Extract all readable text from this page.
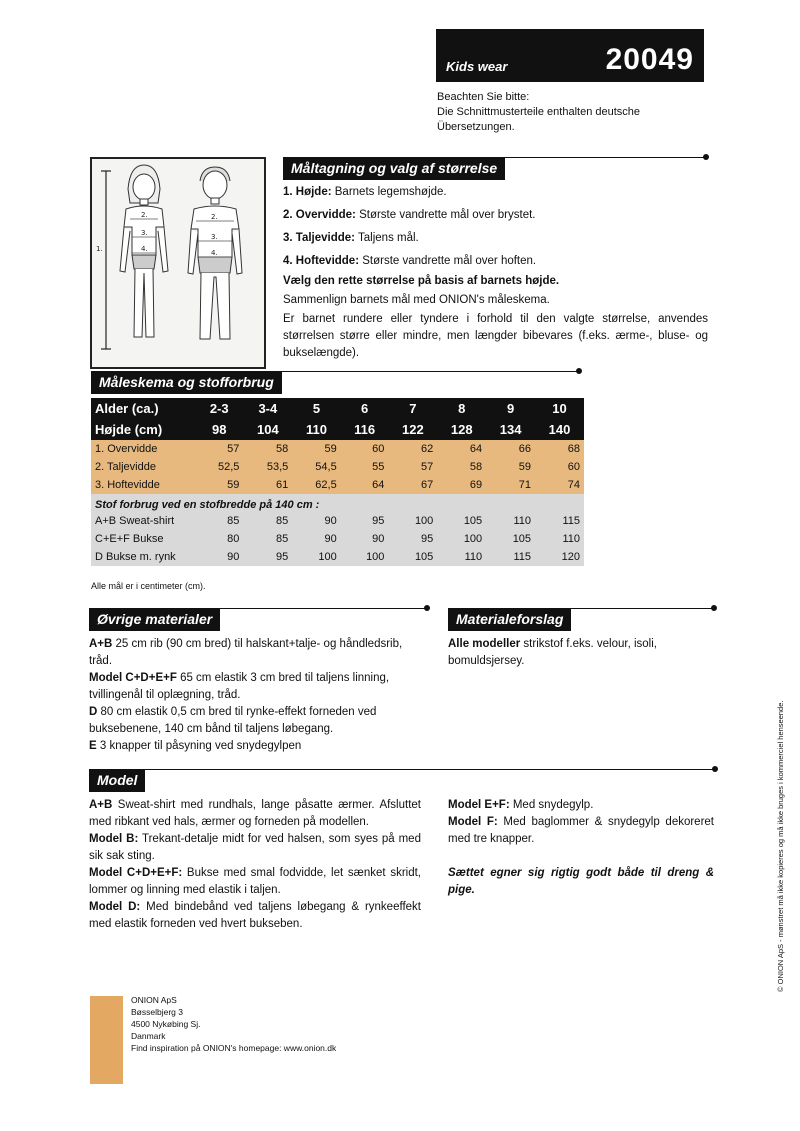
Kids wear	20049
Beachten Sie bitte:
Die Schnittmusterteile enthalten deutsche
Übersetzungen.
1.
2.
3.
4.
2.
3.
4.
Måltagning og valg af størrelse
1. Højde: Barnets legemshøjde.
2. Overvidde: Største vandrette mål over brystet.
3. Taljevidde: Taljens mål.
4. Hoftevidde: Største vandrette mål over hoften.
Vælg den rette størrelse på basis af barnets højde.
Sammenlign barnets mål med ONION's måleskema.
Er barnet rundere eller tyndere i forhold til den valgte størrelse, anvendes størrelsen større eller mindre, men længder bibevares (f.eks. ærme-, bluse- og bukselængde).
Måleskema og stofforbrug
Alder (ca.)	2-3	3-4	5	6	7	8	9	10
Højde (cm)	98	104	110	116	122	128	134	140
1. Overvidde	57	58	59	60	62	64	66	68
2. Taljevidde	52,5	53,5	54,5	55	57	58	59	60
3. Hoftevidde	59	61	62,5	64	67	69	71	74
Stof forbrug ved en stofbredde på 140 cm :								
A+B Sweat-shirt	85	85	90	95	100	105	110	115
C+E+F Bukse	80	85	90	90	95	100	105	110
D Bukse m. rynk	90	95	100	100	105	110	115	120
Alle mål er i centimeter (cm).
Øvrige materialer
A+B 25 cm rib (90 cm bred) til halskant+talje- og håndledsrib, tråd.
Model C+D+E+F 65 cm elastik 3 cm bred til taljens linning, tvillingenål til oplægning, tråd.
D 80 cm elastik 0,5 cm bred til rynke-effekt forneden ved buksebenene, 140 cm bånd til taljens løbegang.
E 3 knapper til påsyning ved snydegylpen
Materialeforslag
Alle modeller strikstof f.eks. velour, isoli, bomuldsjersey.
Model
A+B Sweat-shirt med rundhals, lange påsatte ærmer. Afsluttet med ribkant ved hals, ærmer og forneden på modellen.
Model B: Trekant-detalje midt for ved halsen, som syes på med sik sak sting.
Model C+D+E+F: Bukse med smal fodvidde, let sænket skridt, lommer og linning med elastik i taljen.
Model D: Med bindebånd ved taljens løbegang & rynkeeffekt med elastik forneden ved hvert bukseben.
Model E+F: Med snydegylp.
Model F: Med baglommer & snydegylp dekoreret med tre knapper.
Sættet egner sig rigtig godt både til dreng & pige.
ONION ApS
Bøsselbjerg 3
4500 Nykøbing Sj.
Danmark
Find inspiration på ONION's homepage: www.onion.dk
© ONION ApS - mønstret må ikke kopieres og må ikke bruges i kommerciel henseende.
